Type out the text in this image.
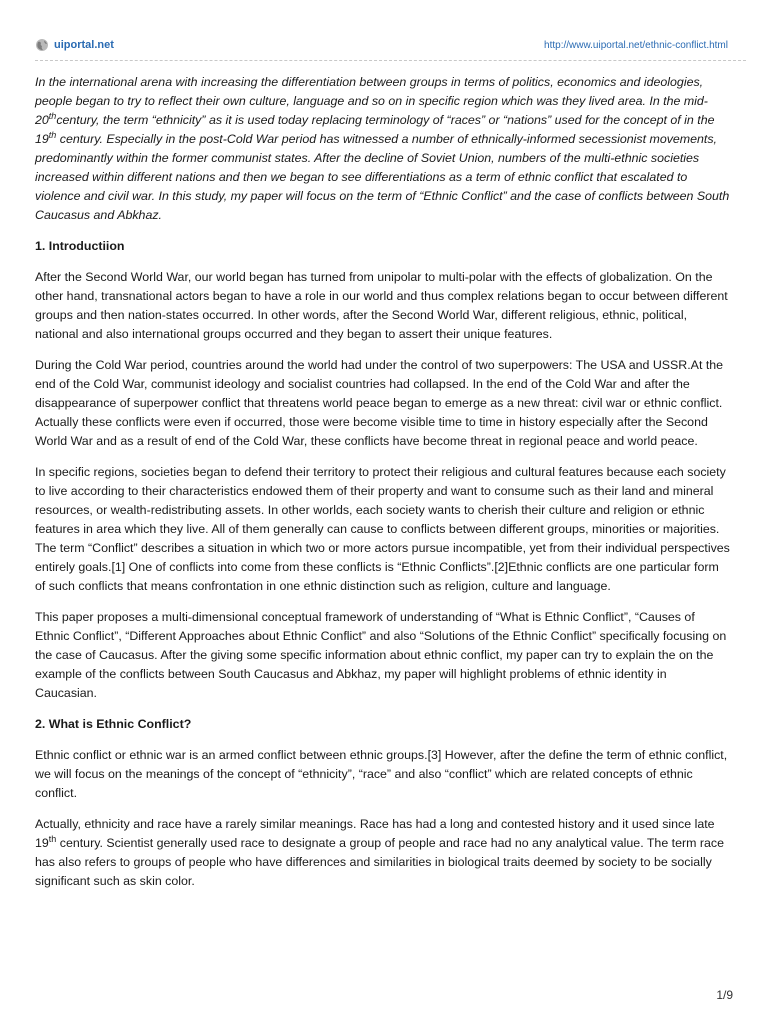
uiportal.net	http://www.uiportal.net/ethnic-conflict.html

In the international arena with increasing the differentiation between groups in terms of politics, economics and ideologies, people began to try to reflect their own culture, language and so on in specific region which was they lived area. In the mid-20thcentury, the term “ethnicity” as it is used today replacing terminology of “races” or “nations” used for the concept of in the 19th century. Especially in the post-Cold War period has witnessed a number of ethnically-informed secessionist movements, predominantly within the former communist states. After the decline of Soviet Union, numbers of the multi-ethnic societies increased within different nations and then we began to see differentiations as a term of ethnic conflict that escalated to violence and civil war. In this study, my paper will focus on the term of “Ethnic Conflict” and the case of conflicts between South Caucasus and Abkhaz.

1. Introductiion

After the Second World War, our world began has turned from unipolar to multi-polar with the effects of globalization. On the other hand, transnational actors began to have a role in our world and thus complex relations began to occur between different groups and then nation-states occurred. In other words, after the Second World War, different religious, ethnic, political, national and also international groups occurred and they began to assert their unique features.

During the Cold War period, countries around the world had under the control of two superpowers: The USA and USSR.At the end of the Cold War, communist ideology and socialist countries had collapsed. In the end of the Cold War and after the disappearance of superpower conflict that threatens world peace began to emerge as a new threat: civil war or ethnic conflict. Actually these conflicts were even if occurred, those were become visible time to time in history especially after the Second World War and as a result of end of the Cold War, these conflicts have become threat in regional peace and world peace.

In specific regions, societies began to defend their territory to protect their religious and cultural features because each society to live according to their characteristics endowed them of their property and want to consume such as their land and mineral resources, or wealth-redistributing assets. In other worlds, each society wants to cherish their culture and religion or ethnic features in area which they live. All of them generally can cause to conflicts between different groups, minorities or majorities. The term “Conflict” describes a situation in which two or more actors pursue incompatible, yet from their individual perspectives entirely goals.[1] One of conflicts into come from these conflicts is “Ethnic Conflicts”.[2]Ethnic conflicts are one particular form of such conflicts that means confrontation in one ethnic distinction such as religion, culture and language.

This paper proposes a multi-dimensional conceptual framework of understanding of “What is Ethnic Conflict”, “Causes of Ethnic Conflict”, “Different Approaches about Ethnic Conflict” and also “Solutions of the Ethnic Conflict” specifically focusing on the case of Caucasus. After the giving some specific information about ethnic conflict, my paper can try to explain the on the example of the conflicts between South Caucasus and Abkhaz, my paper will highlight problems of ethnic identity in Caucasian.

2. What is Ethnic Conflict?

Ethnic conflict or ethnic war is an armed conflict between ethnic groups.[3] However, after the define the term of ethnic conflict, we will focus on the meanings of the concept of “ethnicity”, “race” and also “conflict” which are related concepts of ethnic conflict.

Actually, ethnicity and race have a rarely similar meanings. Race has had a long and contested history and it used since late 19th century. Scientist generally used race to designate a group of people and race had no any analytical value. The term race has also refers to groups of people who have differences and similarities in biological traits deemed by society to be socially significant such as skin color.

1/9
